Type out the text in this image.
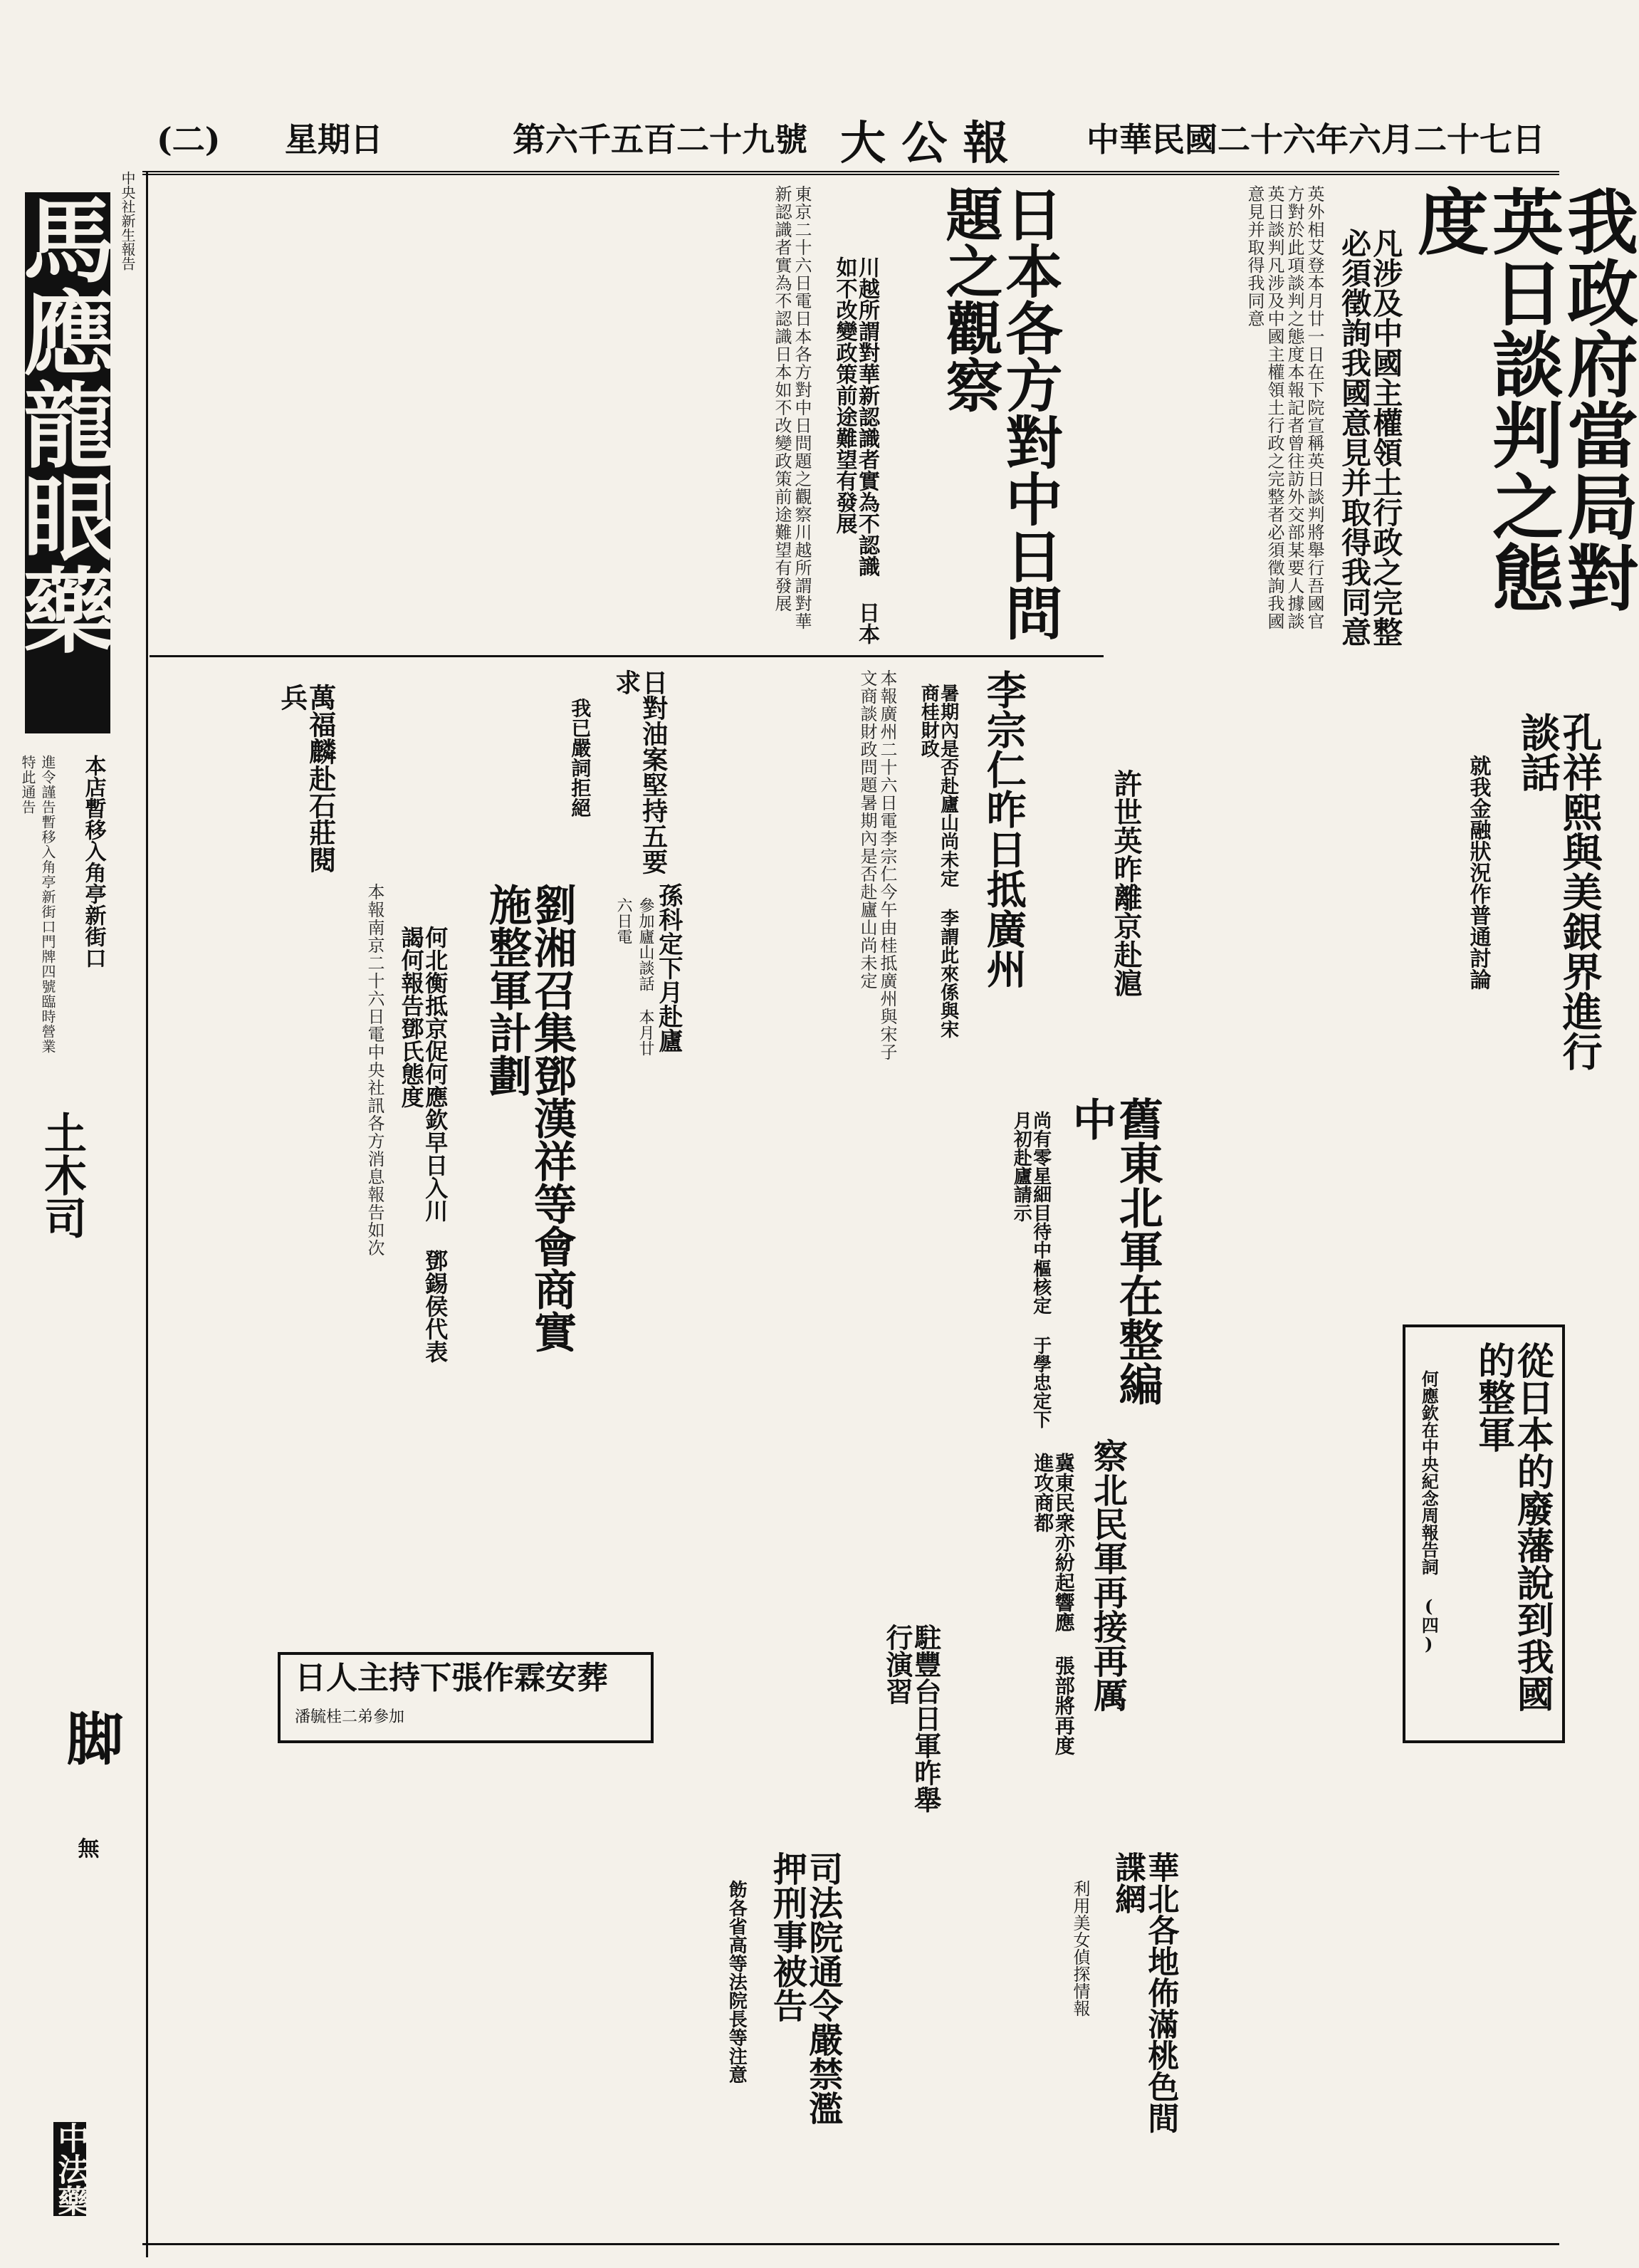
中華民國二十六年六月二十七日
大 公 報
第六千五百二十九號
星期日
(二)
中央社新生報告
馬應龍眼藥
本店暫移入角亭新街口
進令謹告暫移入角亭新街口門牌四號臨時營業特此通告
土木司
脚
無
中法藥
我政府當局對英日談判之態度
凡涉及中國主權領土行政之完整 必須徵詢我國意見并取得我同意
英外相艾登本月廿一日在下院宣稱英日談判將舉行吾國官方對於此項談判之態度本報記者曾往訪外交部某要人據談英日談判凡涉及中國主權領土行政之完整者必須徵詢我國意見并取得我同意
日本各方對中日問題之觀察
川越所謂對華新認識者實為不認識 日本如不改變政策前途難望有發展
東京二十六日電日本各方對中日問題之觀察川越所謂對華新認識者實為不認識日本如不改變政策前途難望有發展
李宗仁昨日抵廣州
暑期內是否赴廬山尚未定 李謂此來係與宋商桂財政
本報廣州二十六日電李宗仁今午由桂抵廣州與宋子文商談財政問題暑期內是否赴廬山尚未定
日對油案堅持五要求
我已嚴詞拒絕
萬福麟赴石莊閱兵
孫科定下月赴廬
參加廬山談話 本月廿六日電	孔祥熙與美銀界進行談話
就我金融狀況作普通討論
許世英昨離京赴滬
舊東北軍在整編中
尚有零星細目待中樞核定 于學忠定下月初赴廬請示
劉湘召集鄧漢祥等會商實施整軍計劃
何北衡抵京促何應欽早日入川 鄧錫侯代表謁何報告鄧氏態度
本報南京二十六日電中央社訊各方消息報告如次
從日本的廢藩說到我國的整軍
何應欽在中央紀念周報告詞 (四)
察北民軍再接再厲
冀東民衆亦紛起響應 張部將再度進攻商都
駐豐台日軍昨舉行演習
日人主持下張作霖安葬
潘毓桂二弟參加
華北各地佈滿桃色間諜網
利用美女偵探情報
司法院通令嚴禁濫押刑事被告
飭各省高等法院長等注意
